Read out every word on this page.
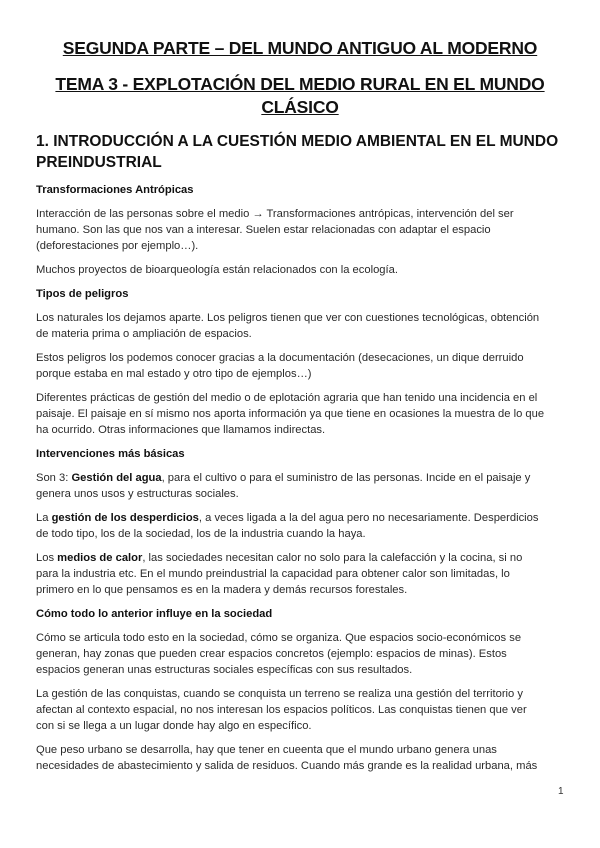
SEGUNDA PARTE – DEL MUNDO ANTIGUO AL MODERNO
TEMA 3 - EXPLOTACIÓN DEL MEDIO RURAL EN EL MUNDO
CLÁSICO
1. INTRODUCCIÓN A LA CUESTIÓN MEDIO AMBIENTAL EN EL MUNDO
PREINDUSTRIAL
Transformaciones Antrópicas
Interacción de las personas sobre el medio → Transformaciones antrópicas, intervención del ser
humano. Son las que nos van a interesar. Suelen estar relacionadas con adaptar el espacio
(deforestaciones por ejemplo…).
Muchos proyectos de bioarqueología están relacionados con la ecología.
Tipos de peligros
Los naturales los dejamos aparte. Los peligros tienen que ver con cuestiones tecnológicas, obtención
de materia prima o ampliación de espacios.
Estos peligros los podemos conocer gracias a la documentación (desecaciones, un dique derruido
porque estaba en mal estado y otro tipo de ejemplos…)
Diferentes prácticas de gestión del medio o de eplotación agraria que han tenido una incidencia en el
paisaje. El paisaje en sí mismo nos aporta información ya que tiene en ocasiones la muestra de lo que
ha ocurrido. Otras informaciones que llamamos indirectas.
Intervenciones más básicas
Son 3: Gestión del agua, para el cultivo o para el suministro de las personas. Incide en el paisaje y
genera unos usos y estructuras sociales.
La gestión de los desperdicios, a veces ligada a la del agua pero no necesariamente. Desperdicios
de todo tipo, los de la sociedad, los de la industria cuando la haya.
Los medios de calor, las sociedades necesitan calor no solo para la calefacción y la cocina, si no
para la industria etc. En el mundo preindustrial la capacidad para obtener calor son limitadas, lo
primero en lo que pensamos es en la madera y demás recursos forestales.
Cómo todo lo anterior influye en la sociedad
Cómo se articula todo esto en la sociedad, cómo se organiza. Que espacios socio-económicos se
generan, hay zonas que pueden crear espacios concretos (ejemplo: espacios de minas). Estos
espacios generan unas estructuras sociales específicas con sus resultados.
La gestión de las conquistas, cuando se conquista un terreno se realiza una gestión del territorio y
afectan al contexto espacial, no nos interesan los espacios políticos. Las conquistas tienen que ver
con si se llega a un lugar donde hay algo en específico.
Que peso urbano se desarrolla, hay que tener en cueenta que el mundo urbano genera unas
necesidades de abastecimiento y salida de residuos. Cuando más grande es la realidad urbana, más
1
